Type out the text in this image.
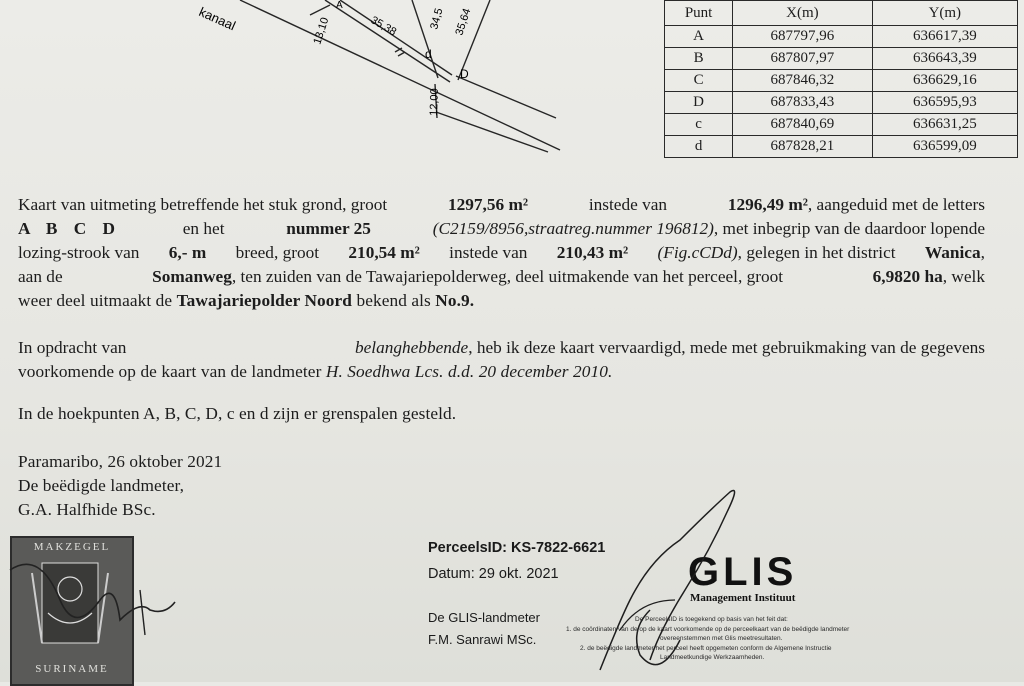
kanaal	13,10	35,38	34,5 35,64
12,00
d
D
A	Punt	X(m)	Y(m)
A	687797,96	636617,39
B	687807,97	636643,39
C	687846,32	636629,16
D	687833,43	636595,93
c	687840,69	636631,25
d	687828,21	636599,09
Kaart van uitmeting betreffende het stuk grond, groot	1297,56 m²	instede van	1296,49 m², aangeduid met de letters
A B C D	en het	nummer 25	(C2159/8956,straatreg.nummer 196812), met inbegrip van de daardoor lopende
lozing-strook van 6,- m breed, groot 210,54 m² instede van 210,43 m² (Fig.cCDd), gelegen in het district Wanica,
aan de	Somanweg, ten zuiden van de Tawajariepolderweg, deel uitmakende van het perceel, groot	6,9820 ha, welk
weer deel uitmaakt de Tawajariepolder Noord bekend als No.9.
In opdracht van	belanghebbende, heb ik deze kaart vervaardigd, mede met gebruikmaking van de gegevens
voorkomende op de kaart van de landmeter H. Soedhwa Lcs. d.d. 20 december 2010.
In de hoekpunten A, B, C, D, c en d zijn er grenspalen gesteld.
Paramaribo, 26 oktober 2021
De beëdigde landmeter,
G.A. Halfhide BSc.
MAKZEGEL
SURINAME
PerceelsID: KS-7822-6621
Datum: 29 okt. 2021
De GLIS-landmeter
F.M. Sanrawi MSc.
GLIS
Management Instituut
De PerceelsID is toegekend op basis van het feit dat:
1. de coördinaten van de op de kaart voorkomende op de perceelkaart van de beëdigde landmeter
overeenstemmen met Glis meetresultaten.
2. de beëdigde landmeter het perceel heeft opgemeten conform de Algemene Instructie
Landmeetkundige Werkzaamheden.
